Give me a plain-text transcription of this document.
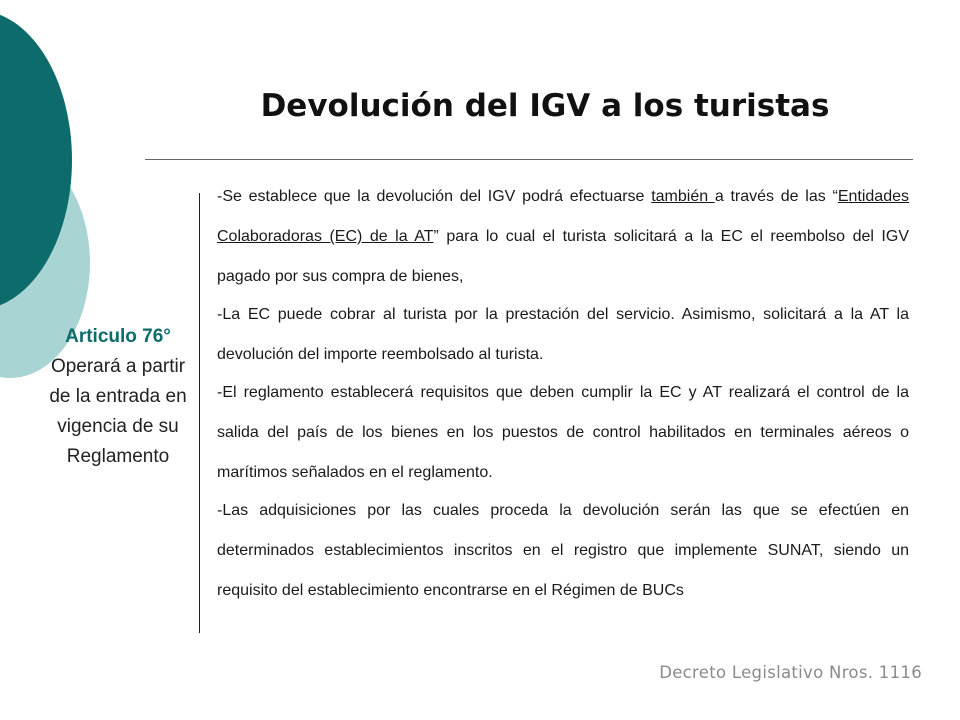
Devolución del IGV a los turistas
Articulo 76°
Operará a partir de la entrada en vigencia de su Reglamento

-Se establece que la devolución del IGV podrá efectuarse también a través de las “Entidades Colaboradoras (EC) de la AT” para lo cual el turista solicitará a la EC el reembolso del IGV pagado por sus compra de bienes,

-La EC puede cobrar al turista por la prestación del servicio. Asimismo, solicitará a la AT la devolución del importe reembolsado al turista.

-El reglamento establecerá requisitos que deben cumplir la EC y AT realizará el control de la salida del país de los bienes en los puestos de control habilitados en terminales aéreos o marítimos señalados en el reglamento.

-Las adquisiciones por las cuales proceda la devolución serán las que se efectúen en determinados establecimientos inscritos en el registro que implemente SUNAT, siendo un requisito del establecimiento encontrarse en el Régimen de BUCs

Decreto Legislativo Nros. 1116
